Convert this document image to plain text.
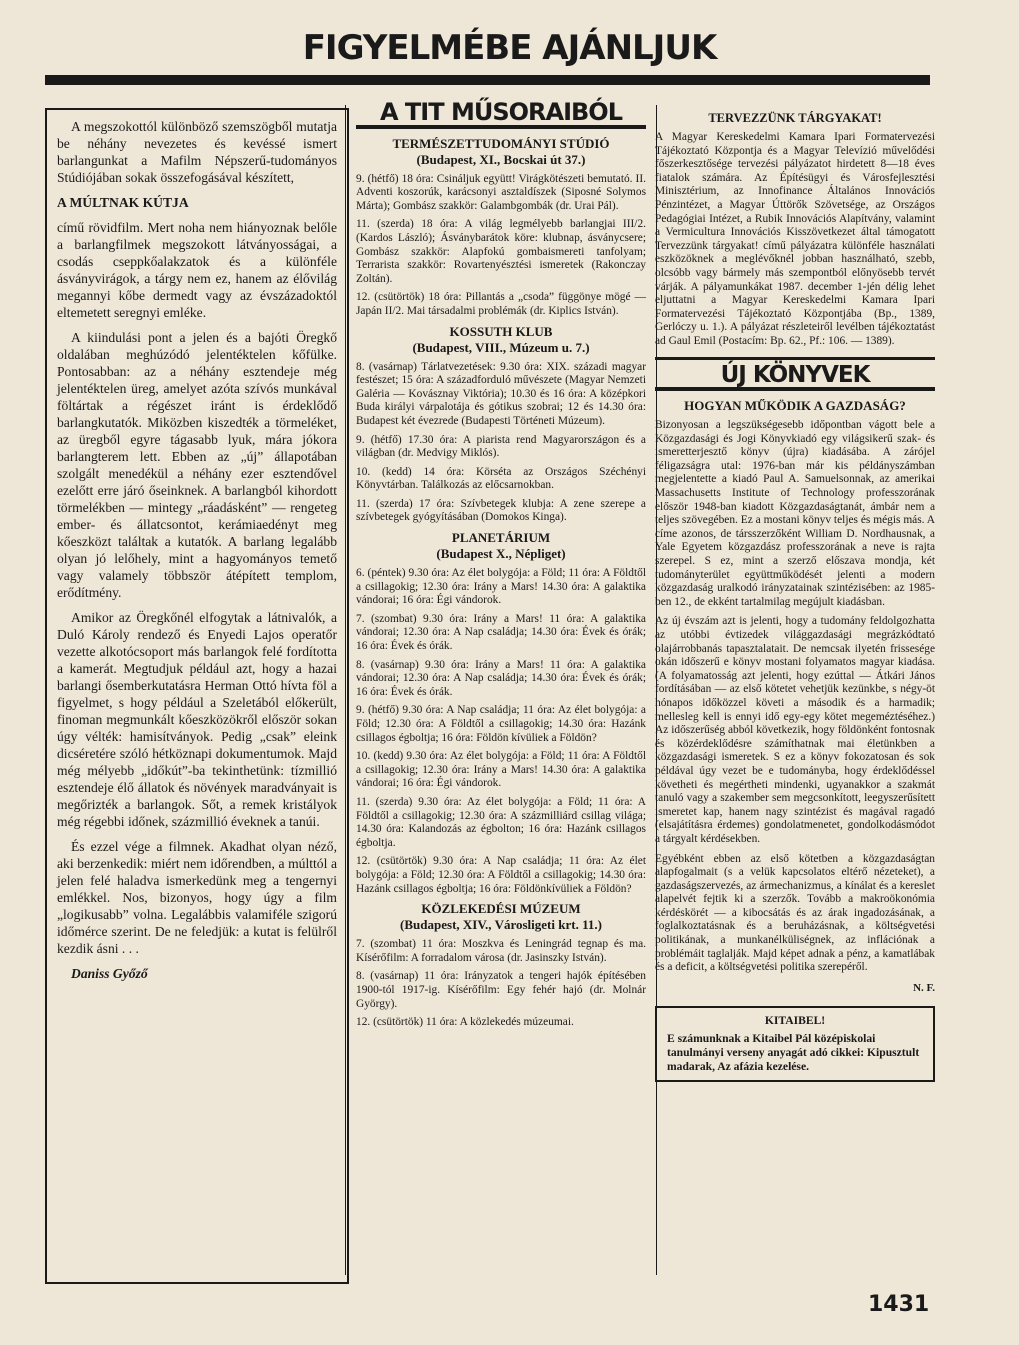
FIGYELMÉBE AJÁNLJUK

A megszokottól különböző szemszögből mutatja be néhány nevezetes és kevéssé ismert barlangunkat a Mafilm Népszerű-tudományos Stúdiójában sokak összefogásával készített,

A MÚLTNAK KÚTJA

című rövidfilm. Mert noha nem hiányoznak belőle a barlangfilmek megszokott látványosságai, a csodás cseppkőalakzatok és a különféle ásványvirágok, a tárgy nem ez, hanem az élővilág megannyi kőbe dermedt vagy az évszázadoktól eltemetett seregnyi emléke.

A kiindulási pont a jelen és a bajóti Öregkő oldalában meghúzódó jelentéktelen kőfülke. Pontosabban: az a néhány esztendeje még jelentéktelen üreg, amelyet azóta szívós munkával föltártak a régészet iránt is érdeklődő barlangkutatók. Miközben kiszedték a törmeléket, az üregből egyre tágasabb lyuk, mára jókora barlangterem lett. Ebben az „új” állapotában szolgált menedékül a néhány ezer esztendővel ezelőtt erre járó őseinknek. A barlangból kihordott törmelékben — mintegy „ráadásként” — rengeteg ember- és állatcsontot, kerámiaedényt meg kőeszközt találtak a kutatók. A barlang legalább olyan jó lelőhely, mint a hagyományos temető vagy valamely többször átépített templom, erődítmény.

Amikor az Öregkőnél elfogytak a látnivalók, a Duló Károly rendező és Enyedi Lajos operatőr vezette alkotócsoport más barlangok felé fordította a kamerát. Megtudjuk például azt, hogy a hazai barlangi ősemberkutatásra Herman Ottó hívta föl a figyelmet, s hogy például a Szeletából előkerült, finoman megmunkált kőeszközökről először sokan úgy vélték: hamisítványok. Pedig „csak” eleink dicséretére szóló hétköznapi dokumentumok. Majd még mélyebb „időkút”-ba tekinthetünk: tízmillió esztendeje élő állatok és növények maradványait is megőrizték a barlangok. Sőt, a remek kristályok még régebbi időnek, százmillió éveknek a tanúi.

És ezzel vége a filmnek. Akadhat olyan néző, aki berzenkedik: miért nem időrendben, a múlttól a jelen felé haladva ismerkedünk meg a tengernyi emlékkel. Nos, bizonyos, hogy úgy a film „logikusabb” volna. Legalábbis valamiféle szigorú időmérce szerint. De ne feledjük: a kutat is felülről kezdik ásni . . .

Daniss Győző

A TIT MŰSORAIBÓL
TERMÉSZETTUDOMÁNYI STÚDIÓ
(Budapest, XI., Bocskai út 37.)
9. (hétfő) 18 óra: Csináljuk együtt! Virágkötészeti bemutató. II. Adventi koszorúk, karácsonyi asztaldíszek (Siposné Solymos Márta); Gombász szakkör: Galambgombák (dr. Urai Pál).
11. (szerda) 18 óra: A világ legmélyebb barlangjai III/2. (Kardos László); Ásványbarátok köre: klubnap, ásványcsere; Gombász szakkör: Alapfokú gombaismereti tanfolyam; Terrarista szakkör: Rovartenyésztési ismeretek (Rakonczay Zoltán).
12. (csütörtök) 18 óra: Pillantás a „csoda” függönye mögé — Japán II/2. Mai társadalmi problémák (dr. Kiplics István).
KOSSUTH KLUB
(Budapest, VIII., Múzeum u. 7.)
8. (vasárnap) Tárlatvezetések: 9.30 óra: XIX. századi magyar festészet; 15 óra: A századforduló művészete (Magyar Nemzeti Galéria — Kovásznay Viktória); 10.30 és 16 óra: A középkori Buda királyi várpalotája és gótikus szobrai; 12 és 14.30 óra: Budapest két évezrede (Budapesti Történeti Múzeum).
9. (hétfő) 17.30 óra: A piarista rend Magyarországon és a világban (dr. Medvigy Miklós).
10. (kedd) 14 óra: Körséta az Országos Széchényi Könyvtárban. Találkozás az előcsarnokban.
11. (szerda) 17 óra: Szívbetegek klubja: A zene szerepe a szívbetegek gyógyításában (Domokos Kinga).
PLANETÁRIUM
(Budapest X., Népliget)
6. (péntek) 9.30 óra: Az élet bolygója: a Föld; 11 óra: A Földtől a csillagokig; 12.30 óra: Irány a Mars! 14.30 óra: A galaktika vándorai; 16 óra: Égi vándorok.
7. (szombat) 9.30 óra: Irány a Mars! 11 óra: A galaktika vándorai; 12.30 óra: A Nap családja; 14.30 óra: Évek és órák; 16 óra: Évek és órák.
8. (vasárnap) 9.30 óra: Irány a Mars! 11 óra: A galaktika vándorai; 12.30 óra: A Nap családja; 14.30 óra: Évek és órák; 16 óra: Évek és órák.
9. (hétfő) 9.30 óra: A Nap családja; 11 óra: Az élet bolygója: a Föld; 12.30 óra: A Földtől a csillagokig; 14.30 óra: Hazánk csillagos égboltja; 16 óra: Földön kívüliek a Földön?
10. (kedd) 9.30 óra: Az élet bolygója: a Föld; 11 óra: A Földtől a csillagokig; 12.30 óra: Irány a Mars! 14.30 óra: A galaktika vándorai; 16 óra: Égi vándorok.
11. (szerda) 9.30 óra: Az élet bolygója: a Föld; 11 óra: A Földtől a csillagokig; 12.30 óra: A százmilliárd csillag világa; 14.30 óra: Kalandozás az égbolton; 16 óra: Hazánk csillagos égboltja.
12. (csütörtök) 9.30 óra: A Nap családja; 11 óra: Az élet bolygója: a Föld; 12.30 óra: A Földtől a csillagokig; 14.30 óra: Hazánk csillagos égboltja; 16 óra: Földönkívüliek a Földön?
KÖZLEKEDÉSI MÚZEUM
(Budapest, XIV., Városligeti krt. 11.)
7. (szombat) 11 óra: Moszkva és Leningrád tegnap és ma. Kísérőfilm: A forradalom városa (dr. Jasinszky István).
8. (vasárnap) 11 óra: Irányzatok a tengeri hajók építésében 1900-tól 1917-ig. Kísérőfilm: Egy fehér hajó (dr. Molnár György).
12. (csütörtök) 11 óra: A közlekedés múzeumai.
TERVEZZÜNK TÁRGYAKAT!

A Magyar Kereskedelmi Kamara Ipari Formatervezési Tájékoztató Központja és a Magyar Televízió művelődési főszerkesztősége tervezési pályázatot hirdetett 8—18 éves fiatalok számára. Az Építésügyi és Városfejlesztési Minisztérium, az Innofinance Általános Innovációs Pénzintézet, a Magyar Úttörők Szövetsége, az Országos Pedagógiai Intézet, a Rubik Innovációs Alapítvány, valamint a Vermicultura Innovációs Kisszövetkezet által támogatott Tervezzünk tárgyakat! című pályázatra különféle használati eszközöknek a meglévőknél jobban használható, szebb, olcsóbb vagy bármely más szempontból előnyösebb tervét várják. A pályamunkákat 1987. december 1-jén délig lehet eljuttatni a Magyar Kereskedelmi Kamara Ipari Formatervezési Tájékoztató Központjába (Bp., 1389, Gerlóczy u. 1.). A pályázat részleteiről levélben tájékoztatást ad Gaul Emil (Postacím: Bp. 62., Pf.: 106. — 1389).

ÚJ KÖNYVEK
HOGYAN MŰKÖDIK A GAZDASÁG?

Bizonyosan a legszükségesebb időpontban vágott bele a Közgazdasági és Jogi Könyvkiadó egy világsikerű szak- és ismeretterjesztő könyv (újra) kiadásába. A zárójel féligazságra utal: 1976-ban már kis példányszámban megjelentette a kiadó Paul A. Samuelsonnak, az amerikai Massachusetts Institute of Technology professzorának először 1948-ban kiadott Közgazdaságtanát, ámbár nem a teljes szövegében. Ez a mostani könyv teljes és mégis más. A címe azonos, de társszerzőként William D. Nordhausnak, a Yale Egyetem közgazdász professzorának a neve is rajta szerepel. S ez, mint a szerző előszava mondja, két tudományterület együttműködését jelenti a modern közgazdaság uralkodó irányzatainak szintézisében: az 1985-ben 12., de ekként tartalmilag megújult kiadásban.

Az új évszám azt is jelenti, hogy a tudomány feldolgozhatta az utóbbi évtizedek világgazdasági megrázkódtató olajárrobbanás tapasztalatait. De nemcsak ilyetén frissesége okán időszerű e könyv mostani folyamatos magyar kiadása. (A folyamatosság azt jelenti, hogy ezúttal — Átkári János fordításában — az első kötetet vehetjük kezünkbe, s négy-öt hónapos időközzel követi a második és a harmadik; mellesleg kell is ennyi idő egy-egy kötet megeméztéséhez.) Az időszerűség abból következik, hogy földönként fontosnak és közérdeklődésre számíthatnak mai életünkben a közgazdasági ismeretek. S ez a könyv fokozatosan és sok példával úgy vezet be e tudományba, hogy érdeklődéssel követheti és megértheti mindenki, ugyanakkor a szakmát tanuló vagy a szakember sem megcsonkított, leegyszerűsített ismeretet kap, hanem nagy szintézist és magával ragadó (elsajátításra érdemes) gondolatmenetet, gondolkodásmódot a tárgyalt kérdésekben.

Egyébként ebben az első kötetben a közgazdaságtan alapfogalmait (s a velük kapcsolatos eltérő nézeteket), a gazdaságszervezés, az ármechanizmus, a kínálat és a kereslet alapelvét fejtik ki a szerzők. Tovább a makroökonómia kérdéskörét — a kibocsátás és az árak ingadozásának, a foglalkoztatásnak és a beruházásnak, a költségvetési politikának, a munkanélküliségnek, az inflációnak a problémáit taglalják. Majd képet adnak a pénz, a kamatlábak és a deficit, a költségvetési politika szerepéről.

N. F.
KITAIBEL!
E számunknak a Kitaibel Pál középiskolai tanulmányi verseny anyagát adó cikkei: Kipusztult madarak, Az afázia kezelése.
1431
